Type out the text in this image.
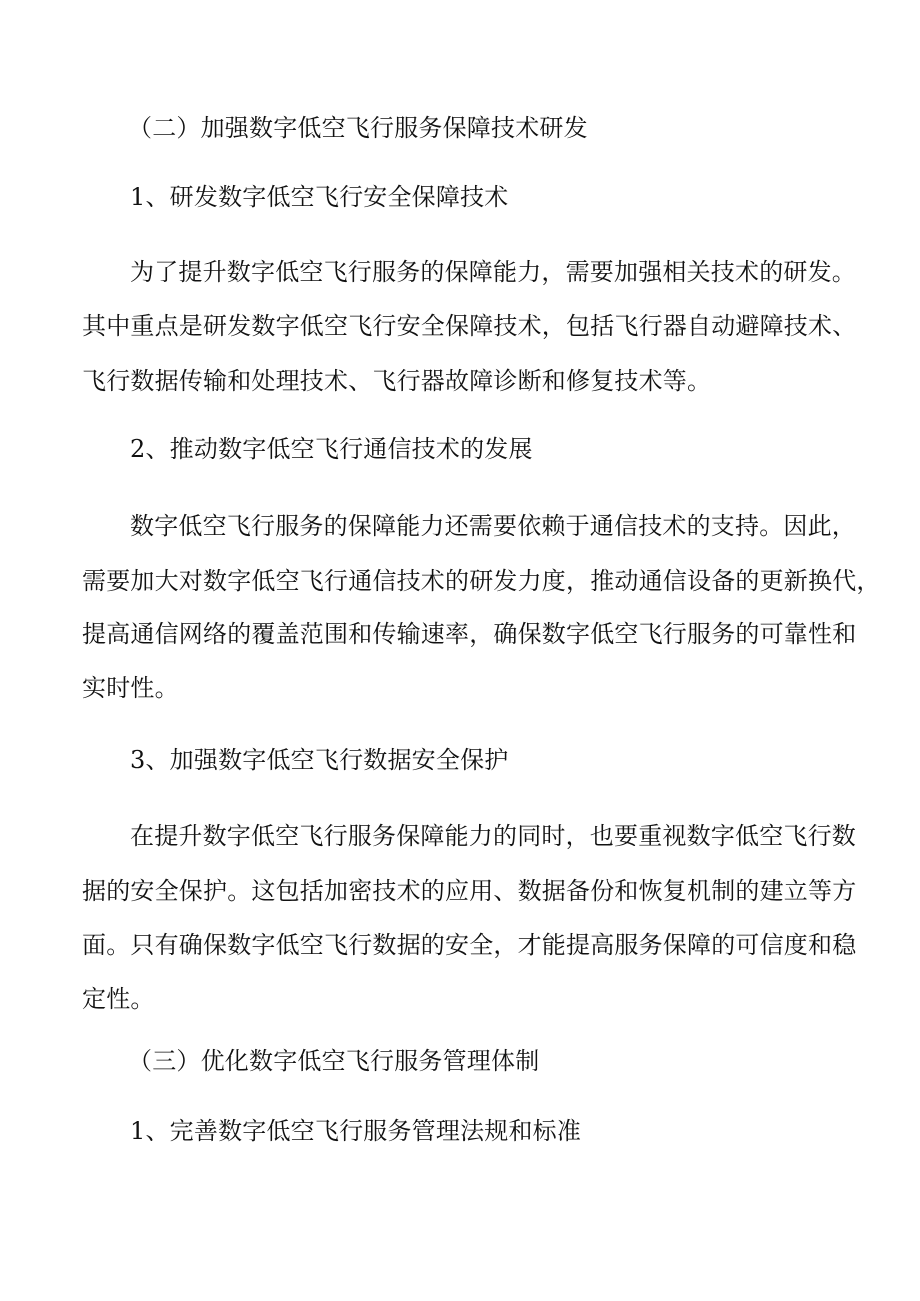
（二）加强数字低空飞行服务保障技术研发
1、研发数字低空飞行安全保障技术
为了提升数字低空飞行服务的保障能力，需要加强相关技术的研发。
其中重点是研发数字低空飞行安全保障技术，包括飞行器自动避障技术、
飞行数据传输和处理技术、飞行器故障诊断和修复技术等。
2、推动数字低空飞行通信技术的发展
数字低空飞行服务的保障能力还需要依赖于通信技术的支持。因此，
需要加大对数字低空飞行通信技术的研发力度，推动通信设备的更新换代，
提高通信网络的覆盖范围和传输速率，确保数字低空飞行服务的可靠性和
实时性。
3、加强数字低空飞行数据安全保护
在提升数字低空飞行服务保障能力的同时，也要重视数字低空飞行数
据的安全保护。这包括加密技术的应用、数据备份和恢复机制的建立等方
面。只有确保数字低空飞行数据的安全，才能提高服务保障的可信度和稳
定性。
（三）优化数字低空飞行服务管理体制
1、完善数字低空飞行服务管理法规和标准
